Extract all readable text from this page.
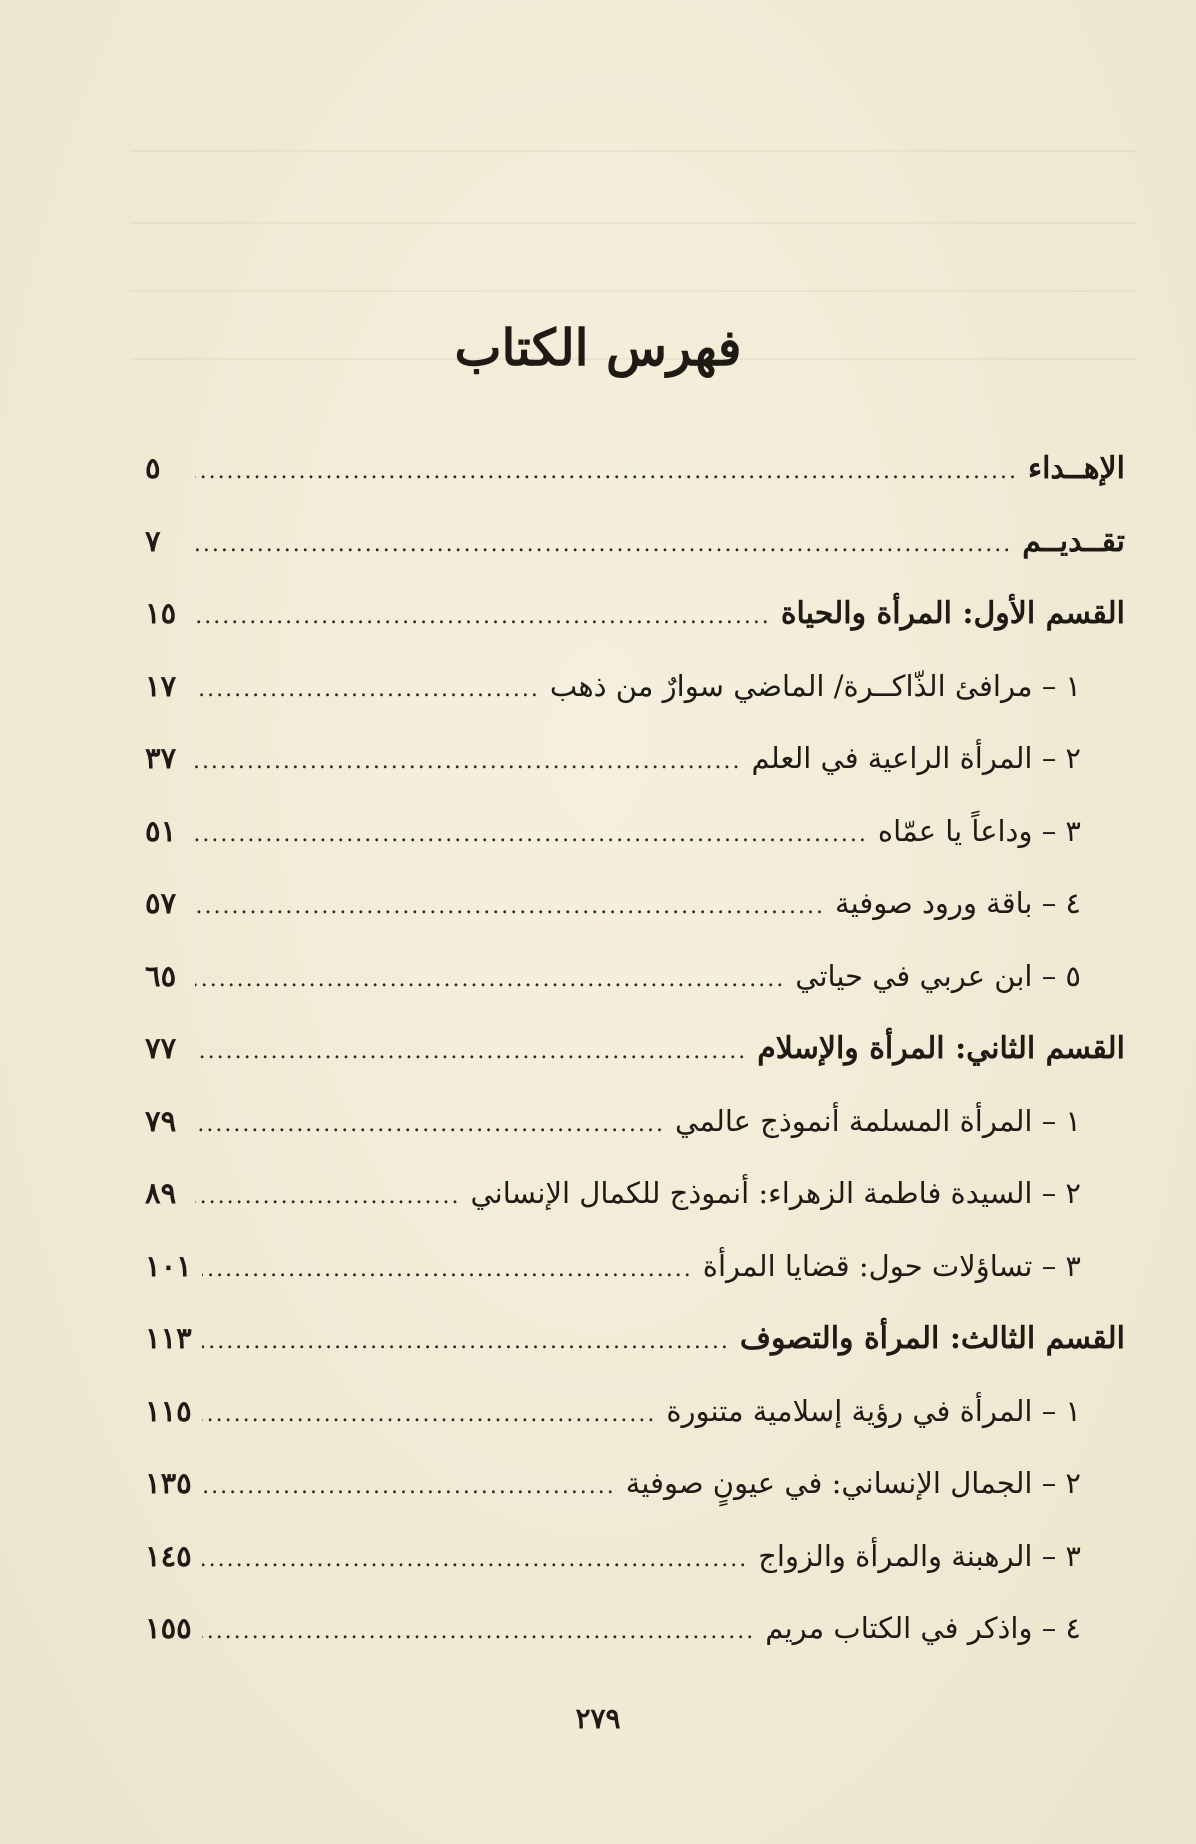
فهرس الكتاب
الإهــداء
.....
٥
تقــديــم
.....
٧
القسم الأول: المرأة والحياة
.....
١٥
١ – مرافئ الذّاكــرة/ الماضي سوارٌ من ذهب
.....
١٧
٢ – المرأة الراعية في العلم
.....
٣٧
٣ – وداعاً يا عمّاه
.....
٥١
٤ – باقة ورود صوفية
.....
٥٧
٥ – ابن عربي في حياتي
.....
٦٥
القسم الثاني: المرأة والإسلام
.....
٧٧
١ – المرأة المسلمة أنموذج عالمي
.....
٧٩
٢ – السيدة فاطمة الزهراء: أنموذج للكمال الإنساني
.....
٨٩
٣ – تساؤلات حول: قضايا المرأة
.....
١٠١
القسم الثالث: المرأة والتصوف
.....
١١٣
١ – المرأة في رؤية إسلامية متنورة
.....
١١٥
٢ – الجمال الإنساني: في عيونٍ صوفية
.....
١٣٥
٣ – الرهبنة والمرأة والزواج
.....
١٤٥
٤ – واذكر في الكتاب مريم
.....
١٥٥
٢٧٩
